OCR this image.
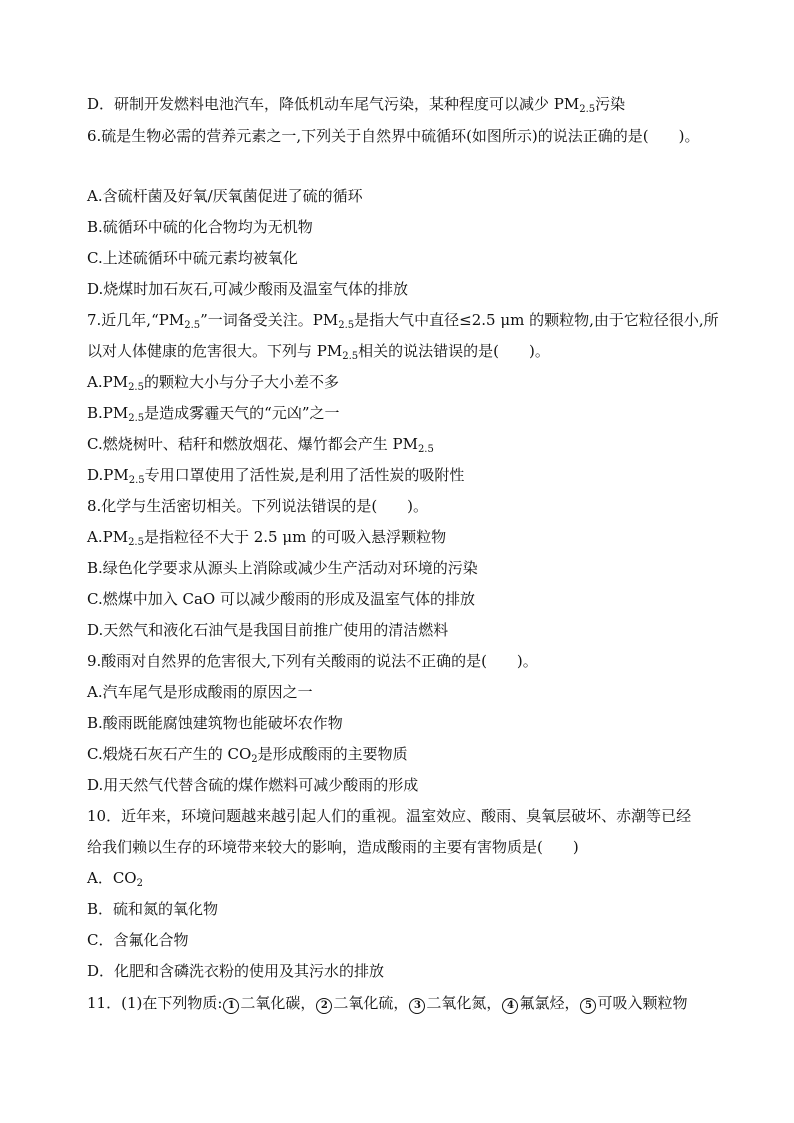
D．研制开发燃料电池汽车，降低机动车尾气污染，某种程度可以减少 $PM_{2.5}$污染
6.硫是生物必需的营养元素之一,下列关于自然界中硫循环(如图所示)的说法正确的是(　　)。
A.含硫杆菌及好氧/厌氧菌促进了硫的循环
B.硫循环中硫的化合物均为无机物
C.上述硫循环中硫元素均被氧化
D.烧煤时加石灰石,可减少酸雨及温室气体的排放
7.近几年$,“PM_{2.5}$”一词备受关注。$PM_{2.5}$是指大气中直径≤2.5 μm 的颗粒物,由于它粒径很小,所
以对人体健康的危害很大。下列与 $PM_{2.5}$相关的说法错误的是(　　)。
$A.PM_{2.5}$的颗粒大小与分子大小差不多
$B.PM_{2.5}$是造成雾霾天气的“元凶”之一
C.燃烧树叶、秸秆和燃放烟花、爆竹都会产生 $PM_{2.5}$
$D.PM_{2.5}$专用口罩使用了活性炭,是利用了活性炭的吸附性
8.化学与生活密切相关。下列说法错误的是(　　)。
$A.PM_{2.5}$是指粒径不大于 2.5 μm 的可吸入悬浮颗粒物
B.绿色化学要求从源头上消除或减少生产活动对环境的污染
C.燃煤中加入 CaO 可以减少酸雨的形成及温室气体的排放
D.天然气和液化石油气是我国目前推广使用的清洁燃料
9.酸雨对自然界的危害很大,下列有关酸雨的说法不正确的是(　　)。
A.汽车尾气是形成酸雨的原因之一
B.酸雨既能腐蚀建筑物也能破坏农作物
C.煅烧石灰石产生的 $CO_2$是形成酸雨的主要物质
D.用天然气代替含硫的煤作燃料可减少酸雨的形成
10．近年来，环境问题越来越引起人们的重视。温室效应、酸雨、臭氧层破坏、赤潮等已经
给我们赖以生存的环境带来较大的影响，造成酸雨的主要有害物质是(　　)
A．$CO_2$
B．硫和氮的氧化物
C．含氟化合物
D．化肥和含磷洗衣粉的使用及其污水的排放
11．(1)在下列物质: 1 二氧化碳， 2 二氧化硫， 3 二氧化氮， 4 氟氯烃， 5 可吸入颗粒物
